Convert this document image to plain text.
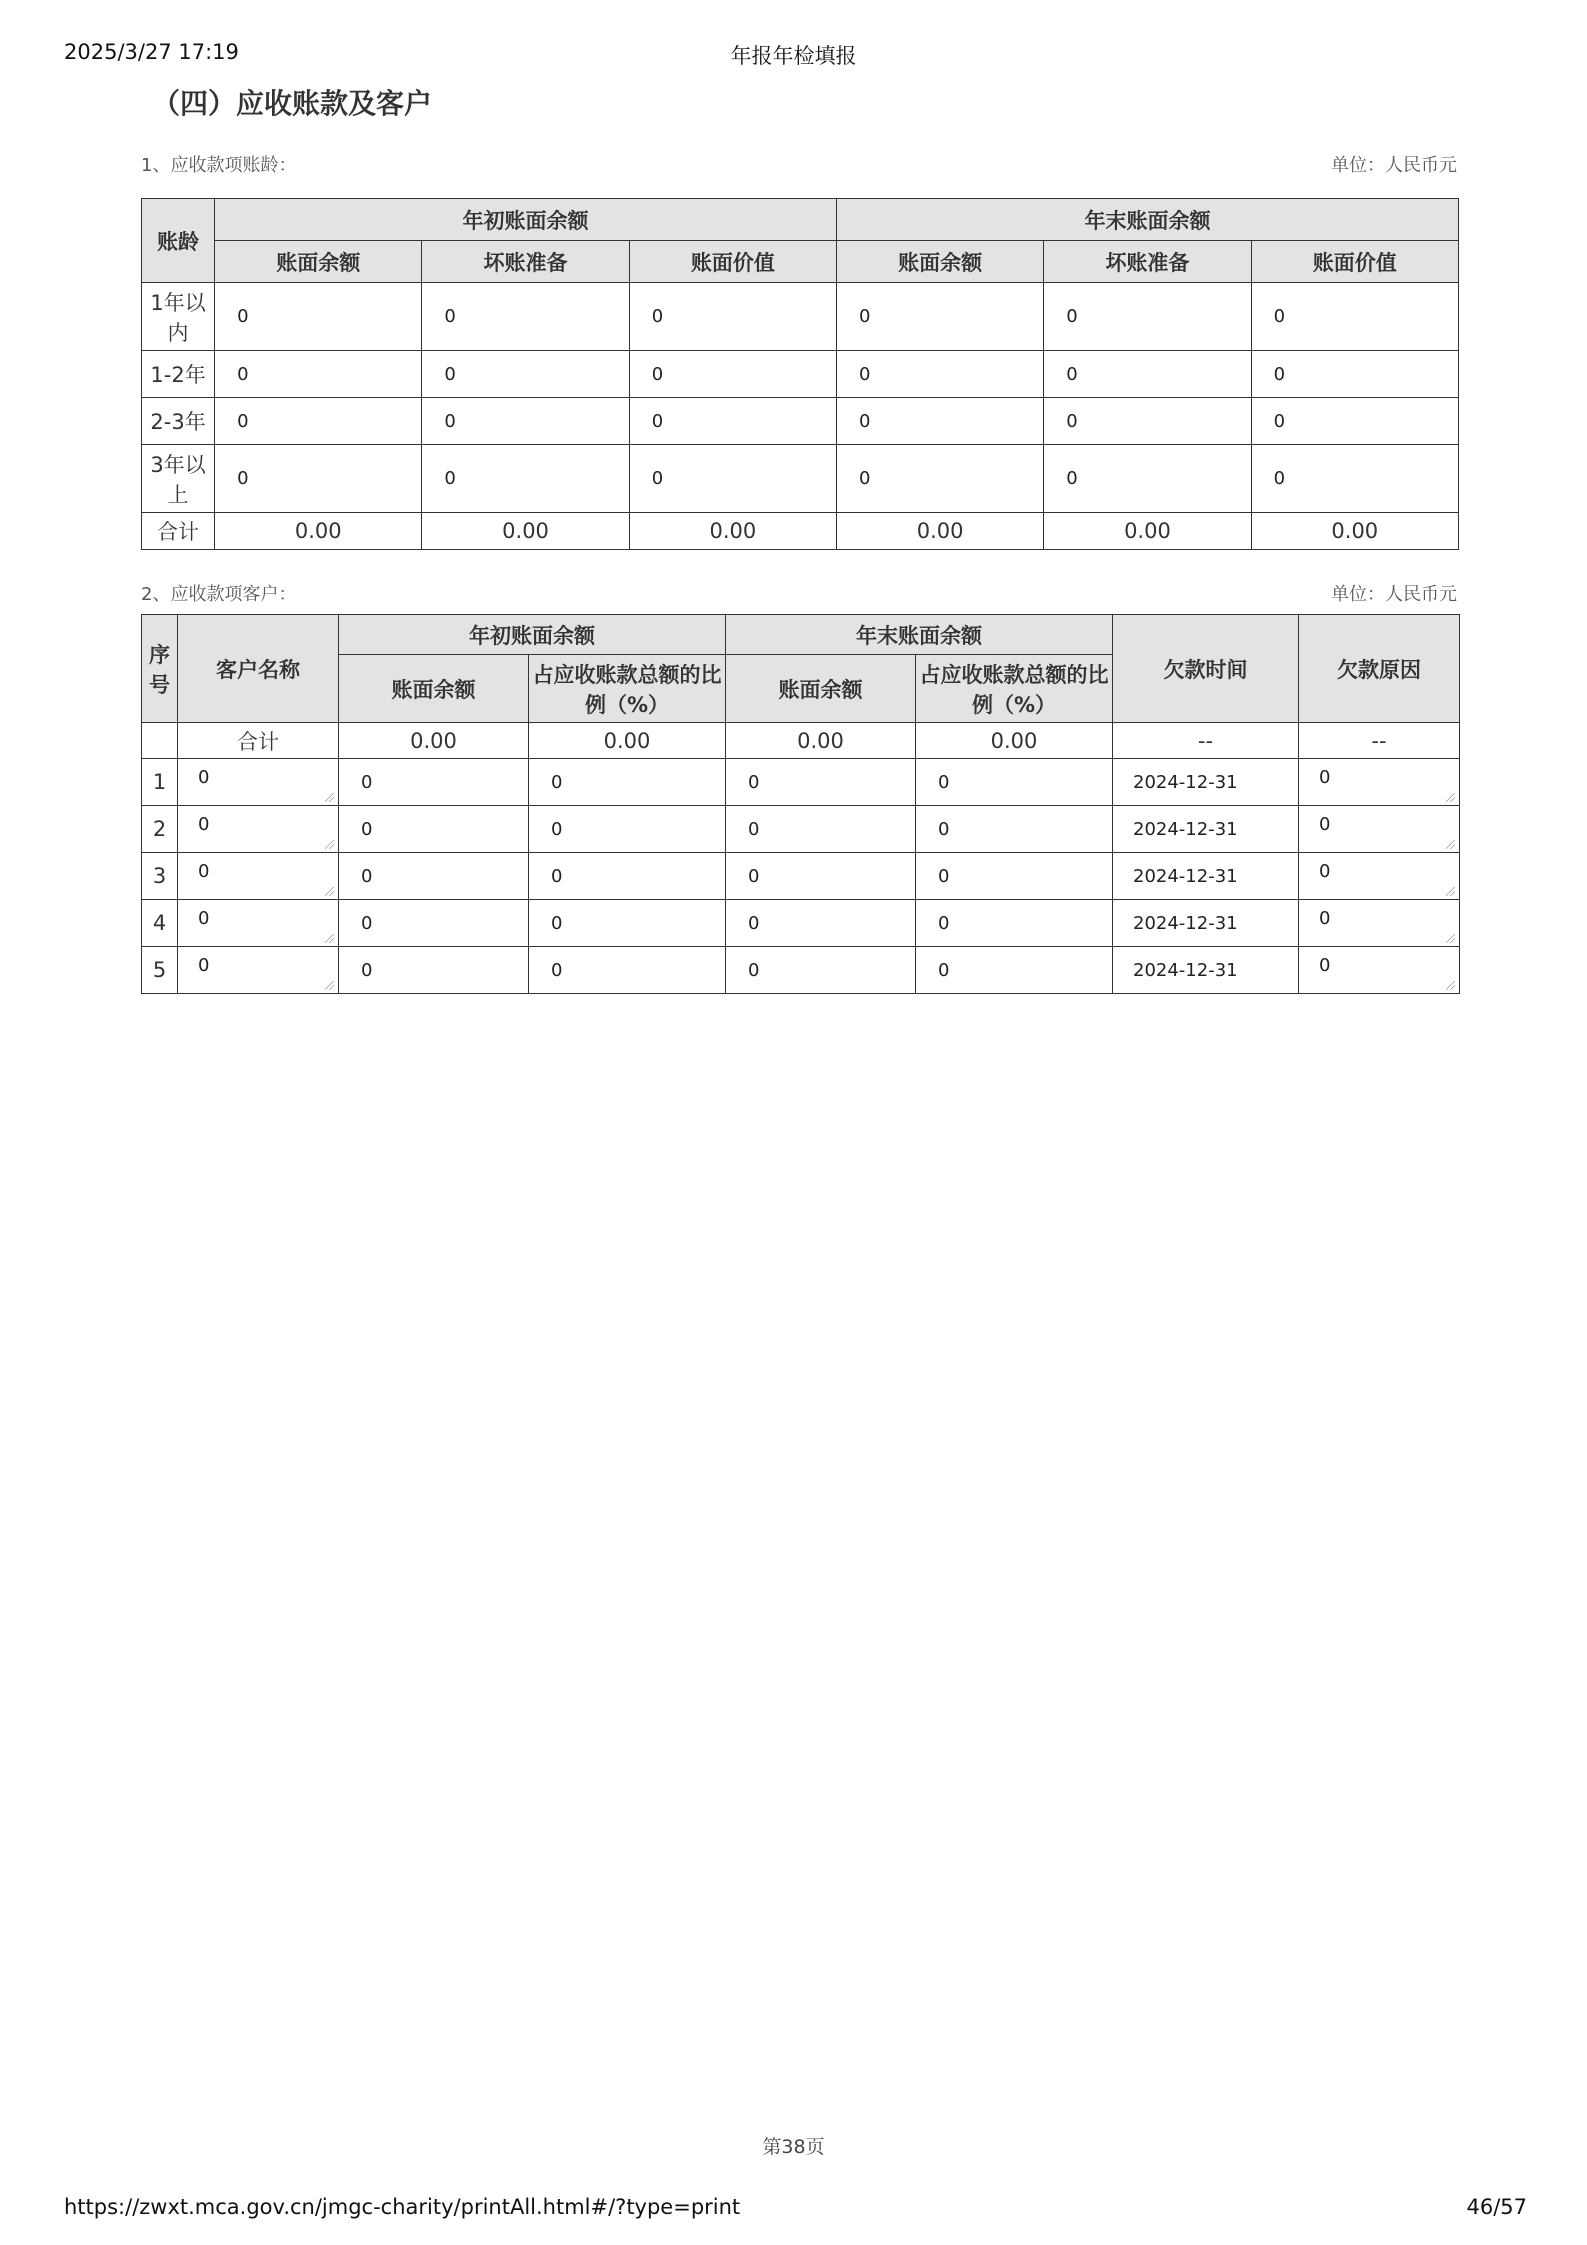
2025/3/27 17:19	年报年检填报
（四）应收账款及客户
1、应收款项账龄：	单位：人民币元
账龄	年初账面余额			年末账面余额		
	账面余额	坏账准备	账面价值	账面余额	坏账准备	账面价值
1年以内	0	0	0	0	0	0
1-2年	0	0	0	0	0	0
2-3年	0	0	0	0	0	0
3年以上	0	0	0	0	0	0
合计	0.00	0.00	0.00	0.00	0.00	0.00
2、应收款项客户：	单位：人民币元
序号	客户名称	年初账面余额		年末账面余额		欠款时间	欠款原因
		账面余额	占应收账款总额的比例（%）	账面余额	占应收账款总额的比例（%）		
	合计	0.00	0.00	0.00	0.00	--	--
1	0	0	0	0	0	2024-12-31	0

2	0	0	0	0	0	2024-12-31	0

3	0	0	0	0	0	2024-12-31	0

4	0	0	0	0	0	2024-12-31	0

5	0	0	0	0	0	2024-12-31	0
第38页
https://zwxt.mca.gov.cn/jmgc-charity/printAll.html#/?type=print	46/57
